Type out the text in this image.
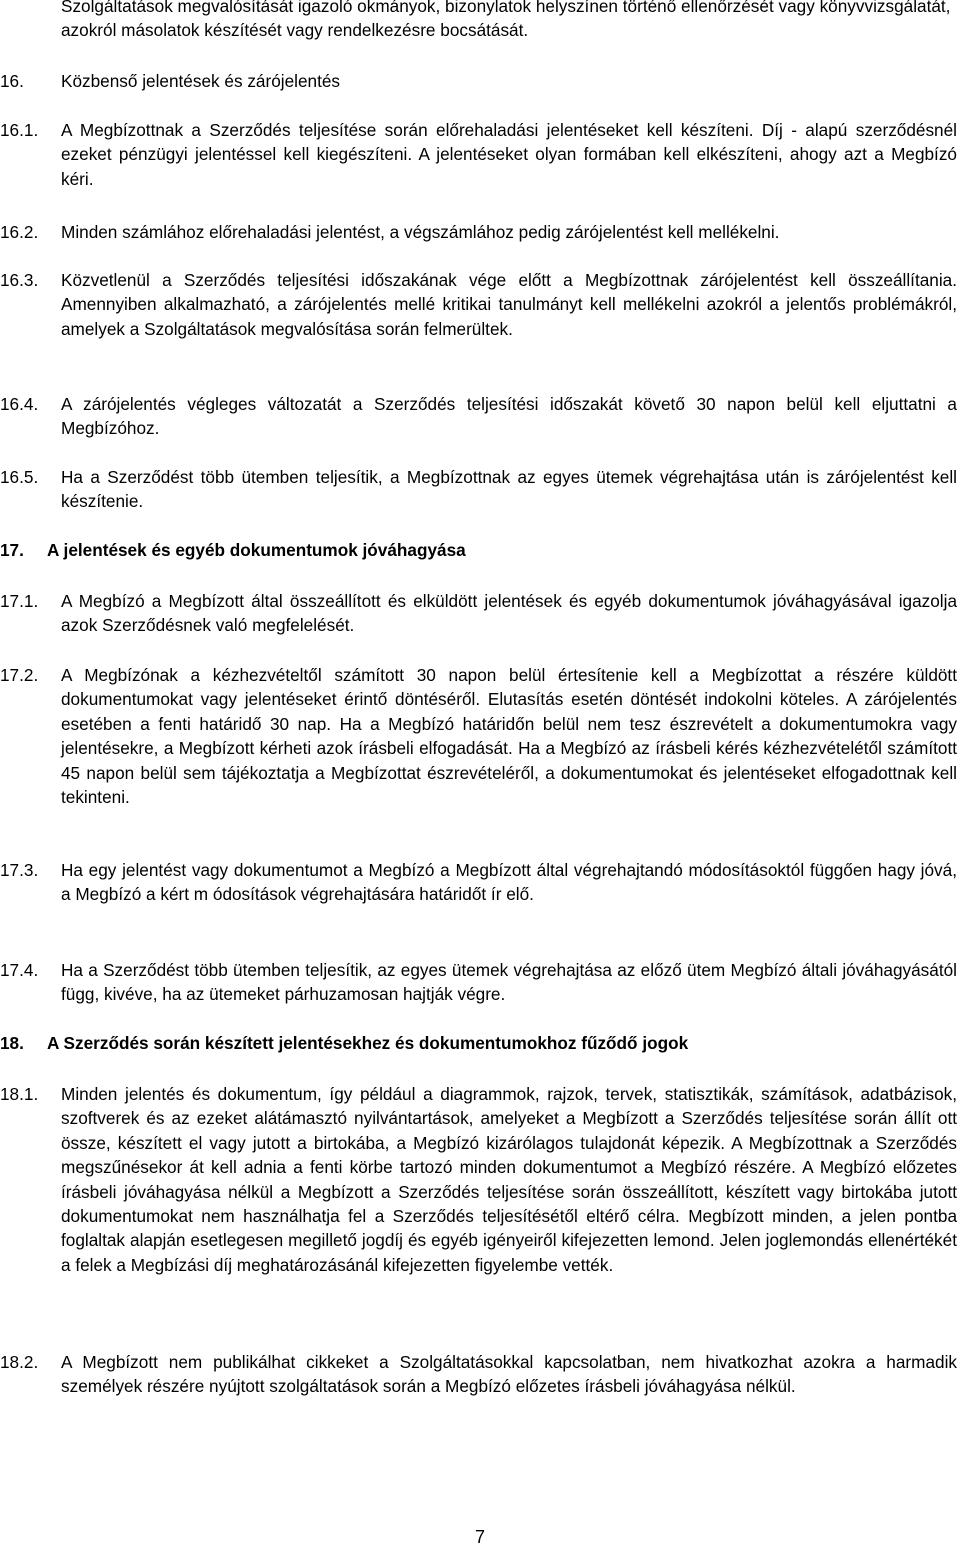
Szolgáltatások megvalósítását igazoló okmányok, bizonylatok helyszínen történő ellenőrzését vagy könyvvizsgálatát, azokról másolatok készítését vagy rendelkezésre bocsátását.
16. Közbenső jelentések és zárójelentés
16.1. A Megbízottnak a Szerződés teljesítése során előrehaladási jelentéseket kell készíteni. Díj - alapú szerződésnél ezeket pénzügyi jelentéssel kell kiegészíteni. A jelentéseket olyan formában kell elkészíteni, ahogy azt a Megbízó kéri.
16.2. Minden számlához előrehaladási jelentést, a végszámlához pedig zárójelentést kell mellékelni.
16.3. Közvetlenül a Szerződés teljesítési időszakának vége előtt a Megbízottnak zárójelentést kell összeállítania. Amennyiben alkalmazható, a zárójelentés mellé kritikai tanulmányt kell mellékelni azokról a jelentős problémákról, amelyek a Szolgáltatások megvalósítása során felmerültek.
16.4. A zárójelentés végleges változatát a Szerződés teljesítési időszakát követő 30 napon belül kell eljuttatni a Megbízóhoz.
16.5. Ha a Szerződést több ütemben teljesítik, a Megbízottnak az egyes ütemek végrehajtása után is zárójelentést kell készítenie.
17. A jelentések és egyéb dokumentumok jóváhagyása
17.1. A Megbízó a Megbízott által összeállított és elküldött jelentések és egyéb dokumentumok jóváhagyásával igazolja azok Szerződésnek való megfelelését.
17.2. A Megbízónak a kézhezvételtől számított 30 napon belül értesítenie kell a Megbízottat a részére küldött dokumentumokat vagy jelentéseket érintő döntéséről. Elutasítás esetén döntését indokolni köteles. A zárójelentés esetében a fenti határidő 30 nap. Ha a Megbízó határidőn belül nem tesz észrevételt a dokumentumokra vagy jelentésekre, a Megbízott kérheti azok írásbeli elfogadását. Ha a Megbízó az írásbeli kérés kézhezvételétől számított 45 napon belül sem tájékoztatja a Megbízottat észrevételéről, a dokumentumokat és jelentéseket elfogadottnak kell tekinteni.
17.3. Ha egy jelentést vagy dokumentumot a Megbízó a Megbízott által végrehajtandó módosításoktól függően hagy jóvá, a Megbízó a kért m ódosítások végrehajtására határidőt ír elő.
17.4. Ha a Szerződést több ütemben teljesítik, az egyes ütemek végrehajtása az előző ütem Megbízó általi jóváhagyásától függ, kivéve, ha az ütemeket párhuzamosan hajtják végre.
18. A Szerződés során készített jelentésekhez és dokumentumokhoz fűződő jogok
18.1. Minden jelentés és dokumentum, így például a diagrammok, rajzok, tervek, statisztikák, számítások, adatbázisok, szoftverek és az ezeket alátámasztó nyilvántartások, amelyeket a Megbízott a Szerződés teljesítése során állít ott össze, készített el vagy jutott a birtokába, a Megbízó kizárólagos tulajdonát képezik. A Megbízottnak a Szerződés megszűnésekor át kell adnia a fenti körbe tartozó minden dokumentumot a Megbízó részére. A Megbízó előzetes írásbeli jóváhagyása nélkül a Megbízott a Szerződés teljesítése során összeállított, készített vagy birtokába jutott dokumentumokat nem használhatja fel a Szerződés teljesítésétől eltérő célra. Megbízott minden, a jelen pontba foglaltak alapján esetlegesen megillető jogdíj és egyéb igényeiről kifejezetten lemond. Jelen joglemondás ellenértékét a felek a Megbízási díj meghatározásánál kifejezetten figyelembe vették.
18.2. A Megbízott nem publikálhat cikkeket a Szolgáltatásokkal kapcsolatban, nem hivatkozhat azokra a harmadik személyek részére nyújtott szolgáltatások során a Megbízó előzetes írásbeli jóváhagyása nélkül.
7
